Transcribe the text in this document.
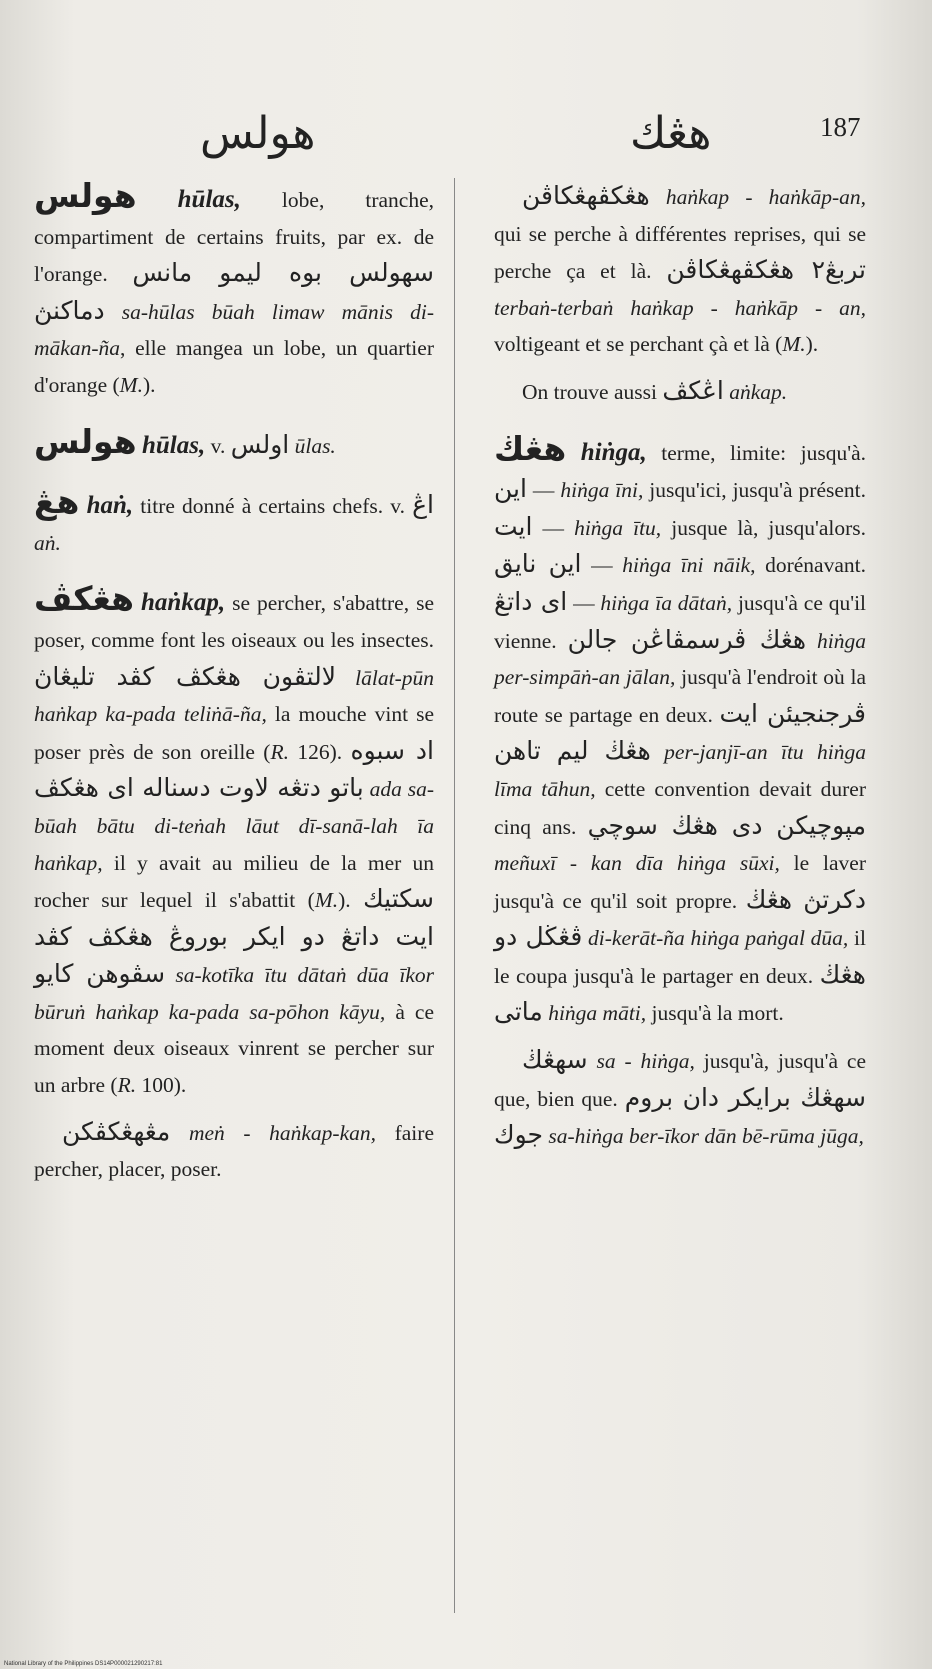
هولس	هڠك	187

هولس hūlas, lobe, tranche, compartiment de certains fruits, par ex. de l'orange. سهولس بوه ليمو مانس دماكنڽ sa-hūlas būah limaw mānis di-mākan-ña, elle mangea un lobe, un quartier d'orange (M.).

هولس hūlas, v. اولس ūlas.

هڠ haṅ, titre donné à certains chefs. v. اڠ aṅ.

هڠكڤ haṅkap, se percher, s'abattre, se poser, comme font les oiseaux ou les insectes. لالتڤون هڠكڤ كڤد تليڠاڽ lālat-pūn haṅkap ka-pada teliṅā-ña, la mouche vint se poser près de son oreille (R. 126). اد سبوه باتو دتڠه لاوت دسناله اى هڠكڤ ada sa-būah bātu di-teṅah lāut dī-sanā-lah īa haṅkap, il y avait au milieu de la mer un rocher sur lequel il s'abattit (M.). سكتيك ايت داتڠ دو ايكر بوروڠ هڠكڤ كڤد سڤوهن كايو sa-kotīka ītu dātaṅ dūa īkor būruṅ haṅkap ka-pada sa-pōhon kāyu, à ce moment deux oiseaux vinrent se percher sur un arbre (R. 100).

مڠهڠكڤكن meṅ - haṅkap-kan, faire percher, placer, poser.

هڠكڤهڠكاڤن haṅkap - haṅkāp-an, qui se perche à différentes reprises, qui se perche ça et là. تربڠ٢ هڠكڤهڠكاڤن terbaṅ-terbaṅ haṅkap - haṅkāp - an, voltigeant et se perchant çà et là (M.).

On trouve aussi اڠكڤ aṅkap.

هڠڬ hiṅga, terme, limite: jusqu'à. اين — hiṅga īni, jusqu'ici, jusqu'à présent. ايت — hiṅga ītu, jusque là, jusqu'alors. اين نايق — hiṅga īni nāik, dorénavant. اى داتڠ — hiṅga īa dātaṅ, jusqu'à ce qu'il vienne. هڠڬ ڤرسمڤاڠن جالن hiṅga per-simpāṅ-an jālan, jusqu'à l'endroit où la route se partage en deux. ڤرجنجيئن ايت هڠڬ ليم تاهن per-janjī-an ītu hiṅga līma tāhun, cette convention devait durer cinq ans. مڽوچيكن دى هڠڬ سوچي meñuxī - kan dīa hiṅga sūxi, le laver jusqu'à ce qu'il soit propre. دكرتڽ هڠڬ ڤڠڬل دو di-kerāt-ña hiṅga paṅgal dūa, il le coupa jusqu'à le partager en deux. هڠڬ ماتى hiṅga māti, jusqu'à la mort.

سهڠڬ sa - hiṅga, jusqu'à, jusqu'à ce que, bien que. سهڠڬ برايكر دان بروم جوك sa-hiṅga ber-īkor dān bē-rūma jūga,

National Library of the Philippines DS14P000021290217:81
